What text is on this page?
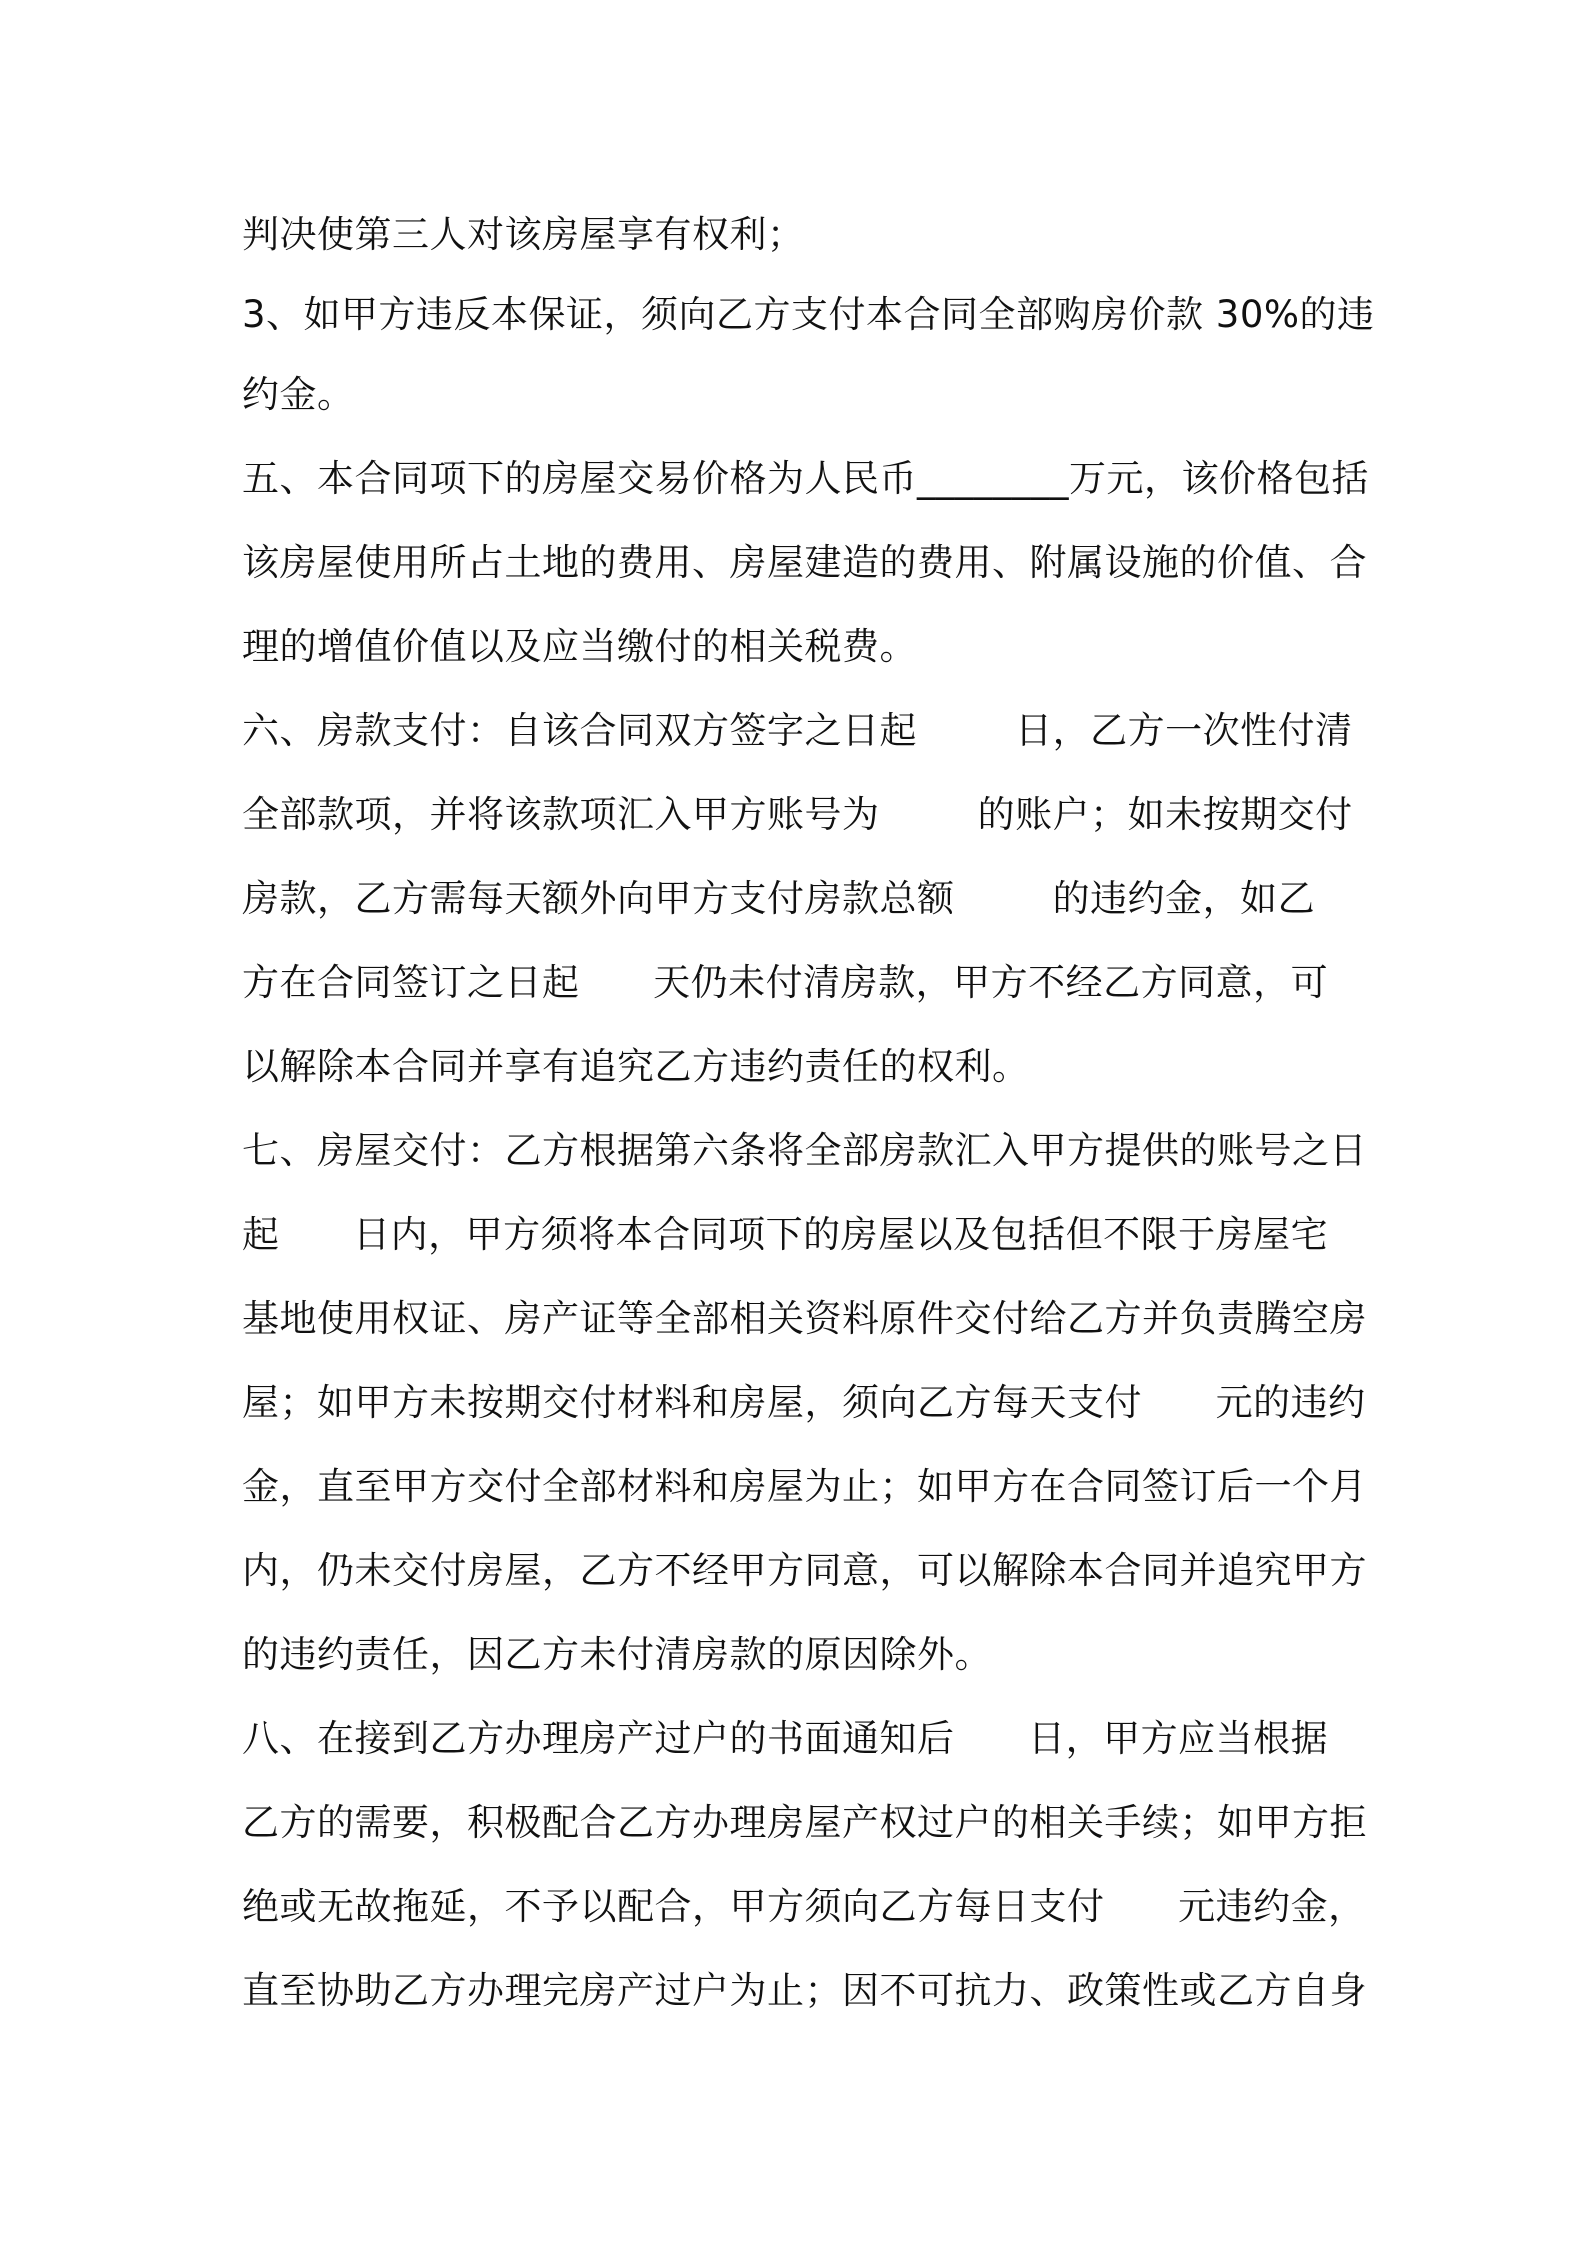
判决使第三人对该房屋享有权利；
3、如甲方违反本保证，须向乙方支付本合同全部购房价款 30%的违
约金。
五、本合同项下的房屋交易价格为人民币________万元，该价格包括
该房屋使用所占土地的费用、房屋建造的费用、附属设施的价值、合
理的增值价值以及应当缴付的相关税费。
六、房款支付：自该合同双方签字之日起        日，乙方一次性付清
全部款项，并将该款项汇入甲方账号为        的账户；如未按期交付
房款，乙方需每天额外向甲方支付房款总额        的违约金，如乙
方在合同签订之日起      天仍未付清房款，甲方不经乙方同意，可
以解除本合同并享有追究乙方违约责任的权利。
七、房屋交付：乙方根据第六条将全部房款汇入甲方提供的账号之日
起      日内，甲方须将本合同项下的房屋以及包括但不限于房屋宅
基地使用权证、房产证等全部相关资料原件交付给乙方并负责腾空房
屋；如甲方未按期交付材料和房屋，须向乙方每天支付      元的违约
金，直至甲方交付全部材料和房屋为止；如甲方在合同签订后一个月
内，仍未交付房屋，乙方不经甲方同意，可以解除本合同并追究甲方
的违约责任，因乙方未付清房款的原因除外。
八、在接到乙方办理房产过户的书面通知后      日，甲方应当根据
乙方的需要，积极配合乙方办理房屋产权过户的相关手续；如甲方拒
绝或无故拖延，不予以配合，甲方须向乙方每日支付      元违约金，
直至协助乙方办理完房产过户为止；因不可抗力、政策性或乙方自身
